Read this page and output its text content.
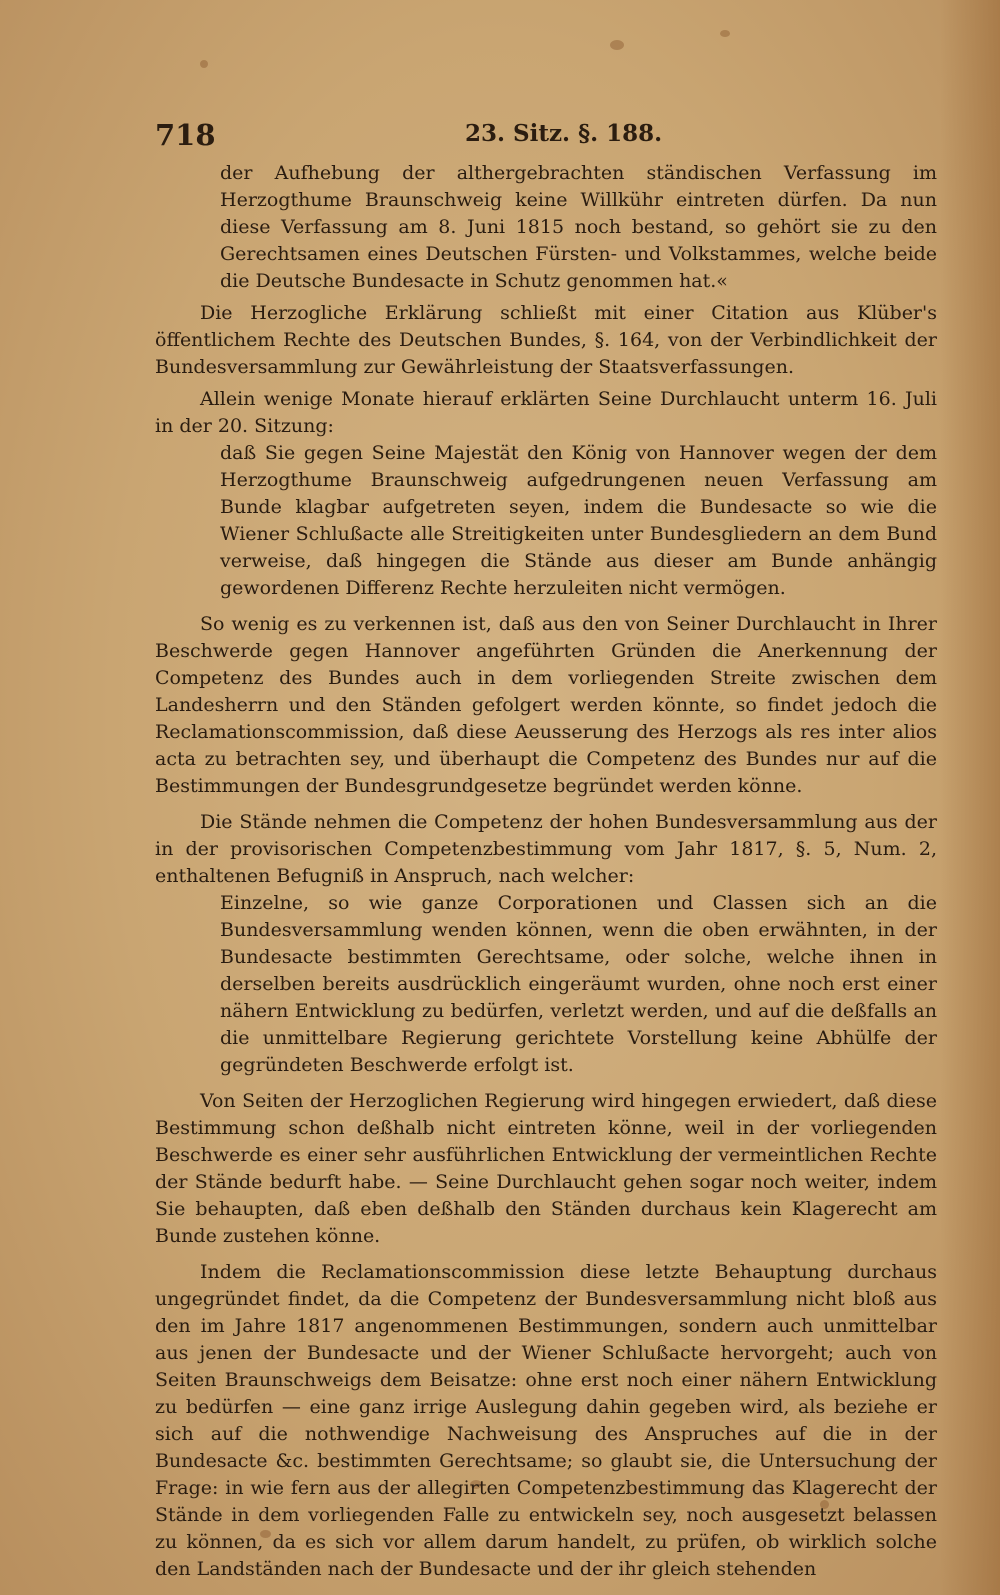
718	23. Sitz. §. 188.

der Aufhebung der althergebrachten ständischen Verfassung im Herzogthume Braunschweig keine Willkühr eintreten dürfen. Da nun diese Verfassung am 8. Juni 1815 noch bestand, so gehört sie zu den Gerechtsamen eines Deutschen Fürsten- und Volkstammes, welche beide die Deutsche Bundesacte in Schutz genommen hat.«

Die Herzogliche Erklärung schließt mit einer Citation aus Klüber's öffentlichem Rechte des Deutschen Bundes, §. 164, von der Verbindlichkeit der Bundesversammlung zur Gewährleistung der Staatsverfassungen.

Allein wenige Monate hierauf erklärten Seine Durchlaucht unterm 16. Juli in der 20. Sitzung:

daß Sie gegen Seine Majestät den König von Hannover wegen der dem Herzogthume Braunschweig aufgedrungenen neuen Verfassung am Bunde klagbar aufgetreten seyen, indem die Bundesacte so wie die Wiener Schlußacte alle Streitigkeiten unter Bundesgliedern an dem Bund verweise, daß hingegen die Stände aus dieser am Bunde anhängig gewordenen Differenz Rechte herzuleiten nicht vermögen.

So wenig es zu verkennen ist, daß aus den von Seiner Durchlaucht in Ihrer Beschwerde gegen Hannover angeführten Gründen die Anerkennung der Competenz des Bundes auch in dem vorliegenden Streite zwischen dem Landesherrn und den Ständen gefolgert werden könnte, so findet jedoch die Reclamationscommission, daß diese Aeusserung des Herzogs als res inter alios acta zu betrachten sey, und überhaupt die Competenz des Bundes nur auf die Bestimmungen der Bundesgrundgesetze begründet werden könne.

Die Stände nehmen die Competenz der hohen Bundesversammlung aus der in der provisorischen Competenzbestimmung vom Jahr 1817, §. 5, Num. 2, enthaltenen Befugniß in Anspruch, nach welcher:

Einzelne, so wie ganze Corporationen und Classen sich an die Bundesversammlung wenden können, wenn die oben erwähnten, in der Bundesacte bestimmten Gerechtsame, oder solche, welche ihnen in derselben bereits ausdrücklich eingeräumt wurden, ohne noch erst einer nähern Entwicklung zu bedürfen, verletzt werden, und auf die deßfalls an die unmittelbare Regierung gerichtete Vorstellung keine Abhülfe der gegründeten Beschwerde erfolgt ist.

Von Seiten der Herzoglichen Regierung wird hingegen erwiedert, daß diese Bestimmung schon deßhalb nicht eintreten könne, weil in der vorliegenden Beschwerde es einer sehr ausführlichen Entwicklung der vermeintlichen Rechte der Stände bedurft habe. — Seine Durchlaucht gehen sogar noch weiter, indem Sie behaupten, daß eben deßhalb den Ständen durchaus kein Klagerecht am Bunde zustehen könne.

Indem die Reclamationscommission diese letzte Behauptung durchaus ungegründet findet, da die Competenz der Bundesversammlung nicht bloß aus den im Jahre 1817 angenommenen Bestimmungen, sondern auch unmittelbar aus jenen der Bundesacte und der Wiener Schlußacte hervorgeht; auch von Seiten Braunschweigs dem Beisatze: ohne erst noch einer nähern Entwicklung zu bedürfen — eine ganz irrige Auslegung dahin gegeben wird, als beziehe er sich auf die nothwendige Nachweisung des Anspruches auf die in der Bundesacte &c. bestimmten Gerechtsame; so glaubt sie, die Untersuchung der Frage: in wie fern aus der allegirten Competenzbestimmung das Klagerecht der Stände in dem vorliegenden Falle zu entwickeln sey, noch ausgesetzt belassen zu können, da es sich vor allem darum handelt, zu prüfen, ob wirklich solche den Landständen nach der Bundesacte und der ihr gleich stehenden
